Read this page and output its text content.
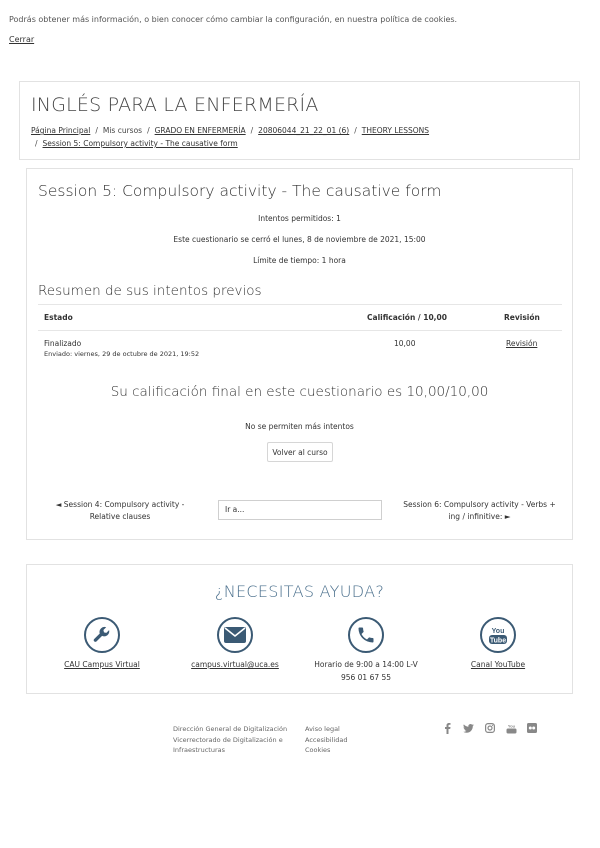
Podrás obtener más información, o bien conocer cómo cambiar la configuración, en nuestra política de cookies.
Cerrar
INGLÉS PARA LA ENFERMERÍA
Página Principal / Mis cursos / GRADO EN ENFERMERÍA / 20806044_21_22_01 (6) / THEORY LESSONS
/ Session 5: Compulsory activity - The causative form
Session 5: Compulsory activity - The causative form
Intentos permitidos: 1
Este cuestionario se cerró el lunes, 8 de noviembre de 2021, 15:00
Límite de tiempo: 1 hora
Resumen de sus intentos previos
Estado	Calificación / 10,00	Revisión
Finalizado
Enviado: viernes, 29 de octubre de 2021, 19:52
10,00	Revisión
Su calificación final en este cuestionario es 10,00/10,00
No se permiten más intentos
Volver al curso
◄ Session 4: Compulsory activity - Relative clauses
Ir a...
Session 6: Compulsory activity - Verbs + ing / infinitive: ►
¿NECESITAS AYUDA?
CAU Campus Virtual	campus.virtual@uca.es	Horario de 9:00 a 14:00 L-V
956 01 67 55
You
Tube
Canal YouTube
Dirección General de Digitalización
Vicerrectorado de Digitalización e
Infraestructuras
Aviso legal
Accesibilidad
Cookies
You
